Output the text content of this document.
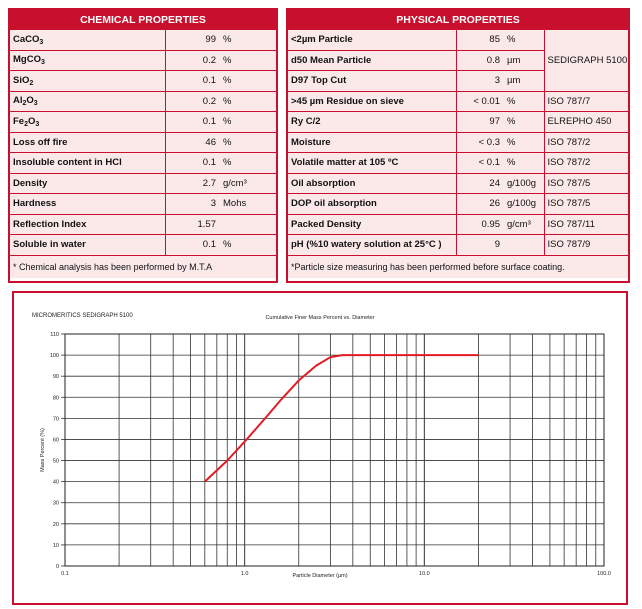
CHEMICAL PROPERTIES		
CaCO$_3$	99	%
MgCO$_3$	0.2	%
SiO$_2$	0.1	%
$Al_2O_3$	0.2	%
$Fe_2O_3$	0.1	%
Loss off fire	46	%
Insoluble content in HCl	0.1	%
Density	2.7	g/cm³
Hardness	3	Mohs
Reflection Index	1.57	
Soluble in water	0.1	%
* Chemical analysis has been performed by M.T.A		
PHYSICAL PROPERTIES			
<2µm Particle	85	%	SEDIGRAPH 5100
d50 Mean Particle	0.8	µm	
D97 Top Cut	3	µm	
>45 µm Residue on sieve	< 0.01	%	ISO 787/7
Ry C/2	97	%	ELREPHO 450
Moisture	< 0.3	%	ISO 787/2
Volatile matter at 105 ºC	< 0.1	%	ISO 787/2
Oil absorption	24	g/100g	ISO 787/5
DOP oil absorption	26	g/100g	ISO 787/5
Packed Density	0.95	g/cm³	ISO 787/11
pH (%10 watery solution at 25°C )	9		ISO 787/9
*Particle size measuring has been performed before surface coating.			
0
10
20
30
40
50
60
70
80
90
100
110
0.1	1.0	10.0	100.0
MICROMERITICS SEDIGRAPH 5100	Cumulative Finer Mass Percent vs. Diameter
Particle Diameter (µm)
Mass Percent (%)
